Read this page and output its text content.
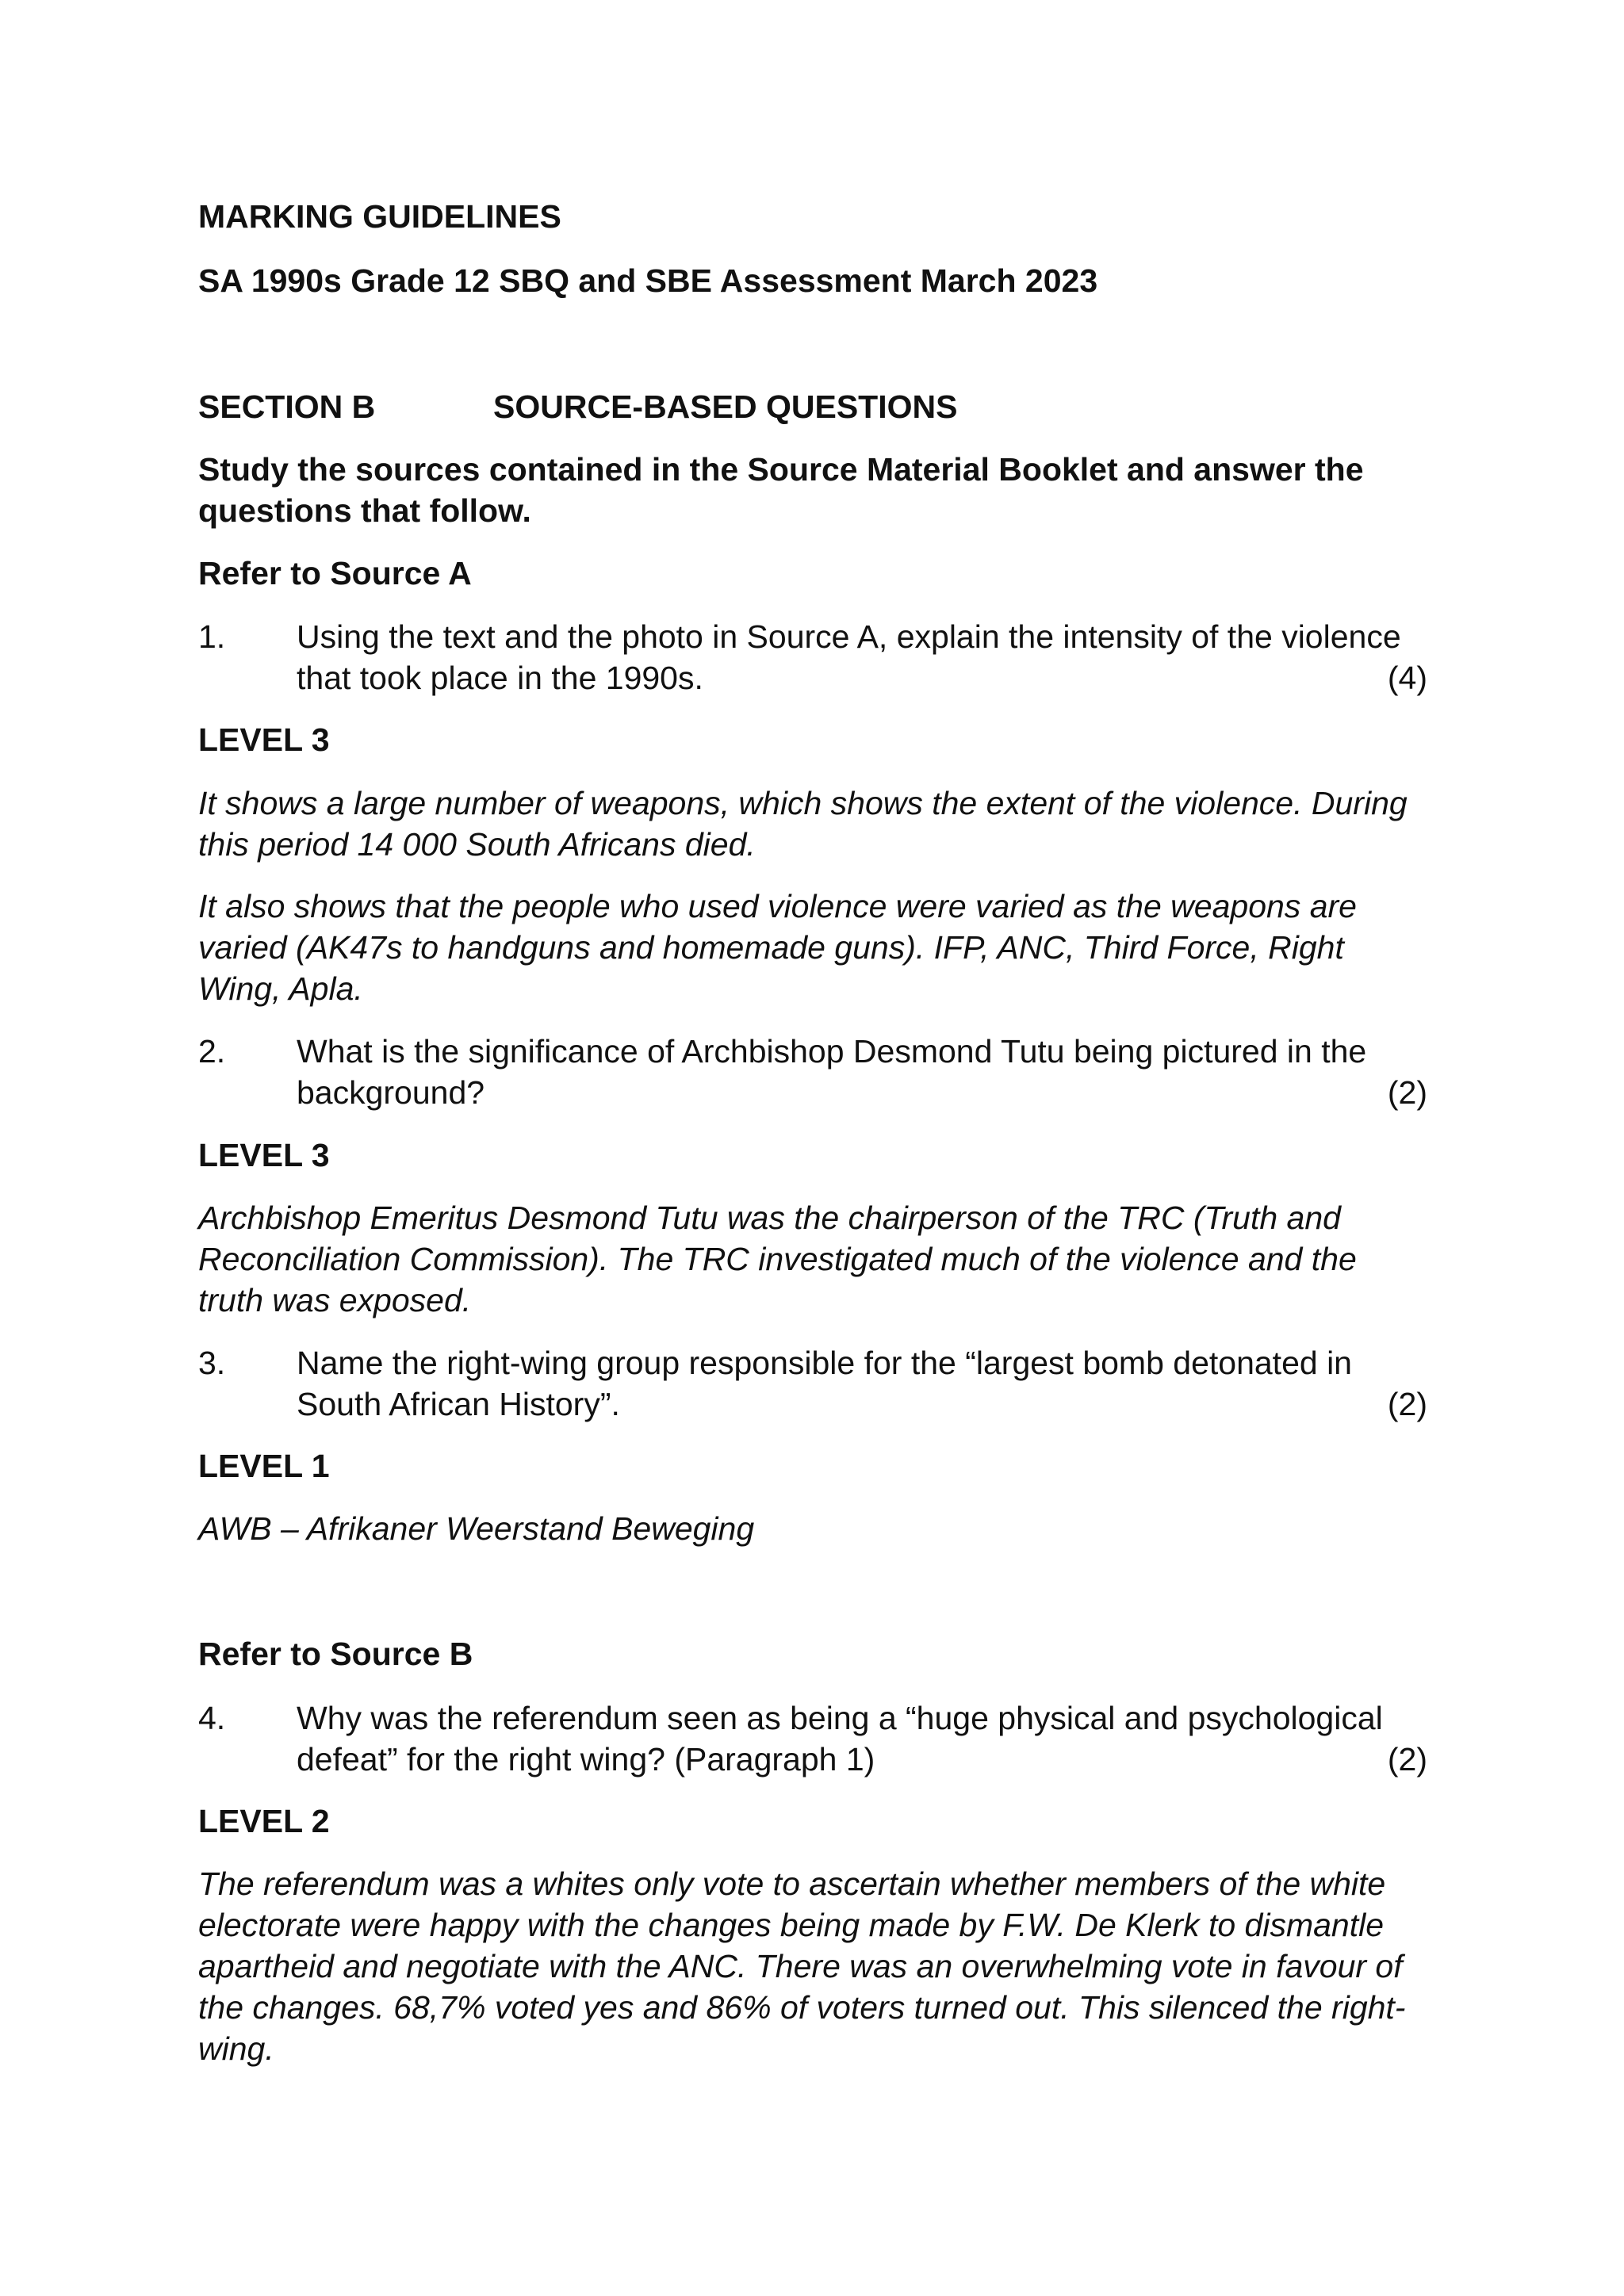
MARKING GUIDELINES
SA 1990s Grade 12 SBQ and SBE Assessment March 2023
SECTION B	SOURCE-BASED QUESTIONS
Study the sources contained in the Source Material Booklet and answer the questions that follow.
Refer to Source A
1. Using the text and the photo in Source A, explain the intensity of the violence
that took place in the 1990s.	(4)
LEVEL 3
It shows a large number of weapons, which shows the extent of the violence. During this period 14 000 South Africans died.
It also shows that the people who used violence were varied as the weapons are varied (AK47s to handguns and homemade guns). IFP, ANC, Third Force, Right Wing, Apla.
2. What is the significance of Archbishop Desmond Tutu being pictured in the
background?	(2)
LEVEL 3
Archbishop Emeritus Desmond Tutu was the chairperson of the TRC (Truth and Reconciliation Commission). The TRC investigated much of the violence and the truth was exposed.
3. Name the right-wing group responsible for the “largest bomb detonated in
South African History”.	(2)
LEVEL 1
AWB – Afrikaner Weerstand Beweging
Refer to Source B
4. Why was the referendum seen as being a “huge physical and psychological
defeat” for the right wing? (Paragraph 1)	(2)
LEVEL 2
The referendum was a whites only vote to ascertain whether members of the white electorate were happy with the changes being made by F.W. De Klerk to dismantle apartheid and negotiate with the ANC. There was an overwhelming vote in favour of the changes. 68,7% voted yes and 86% of voters turned out. This silenced the right-wing.
